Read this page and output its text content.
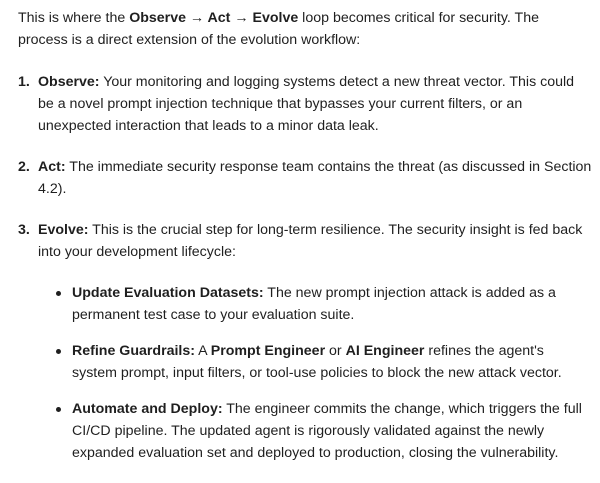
This is where the Observe → Act → Evolve loop becomes critical for security. The process is a direct extension of the evolution workflow:

1. Observe: Your monitoring and logging systems detect a new threat vector. This could be a novel prompt injection technique that bypasses your current filters, or an unexpected interaction that leads to a minor data leak.

2. Act: The immediate security response team contains the threat (as discussed in Section 4.2).

3. Evolve: This is the crucial step for long-term resilience. The security insight is fed back into your development lifecycle:

Update Evaluation Datasets: The new prompt injection attack is added as a permanent test case to your evaluation suite.

Refine Guardrails: A Prompt Engineer or AI Engineer refines the agent's system prompt, input filters, or tool-use policies to block the new attack vector.

Automate and Deploy: The engineer commits the change, which triggers the full CI/CD pipeline. The updated agent is rigorously validated against the newly expanded evaluation set and deployed to production, closing the vulnerability.
